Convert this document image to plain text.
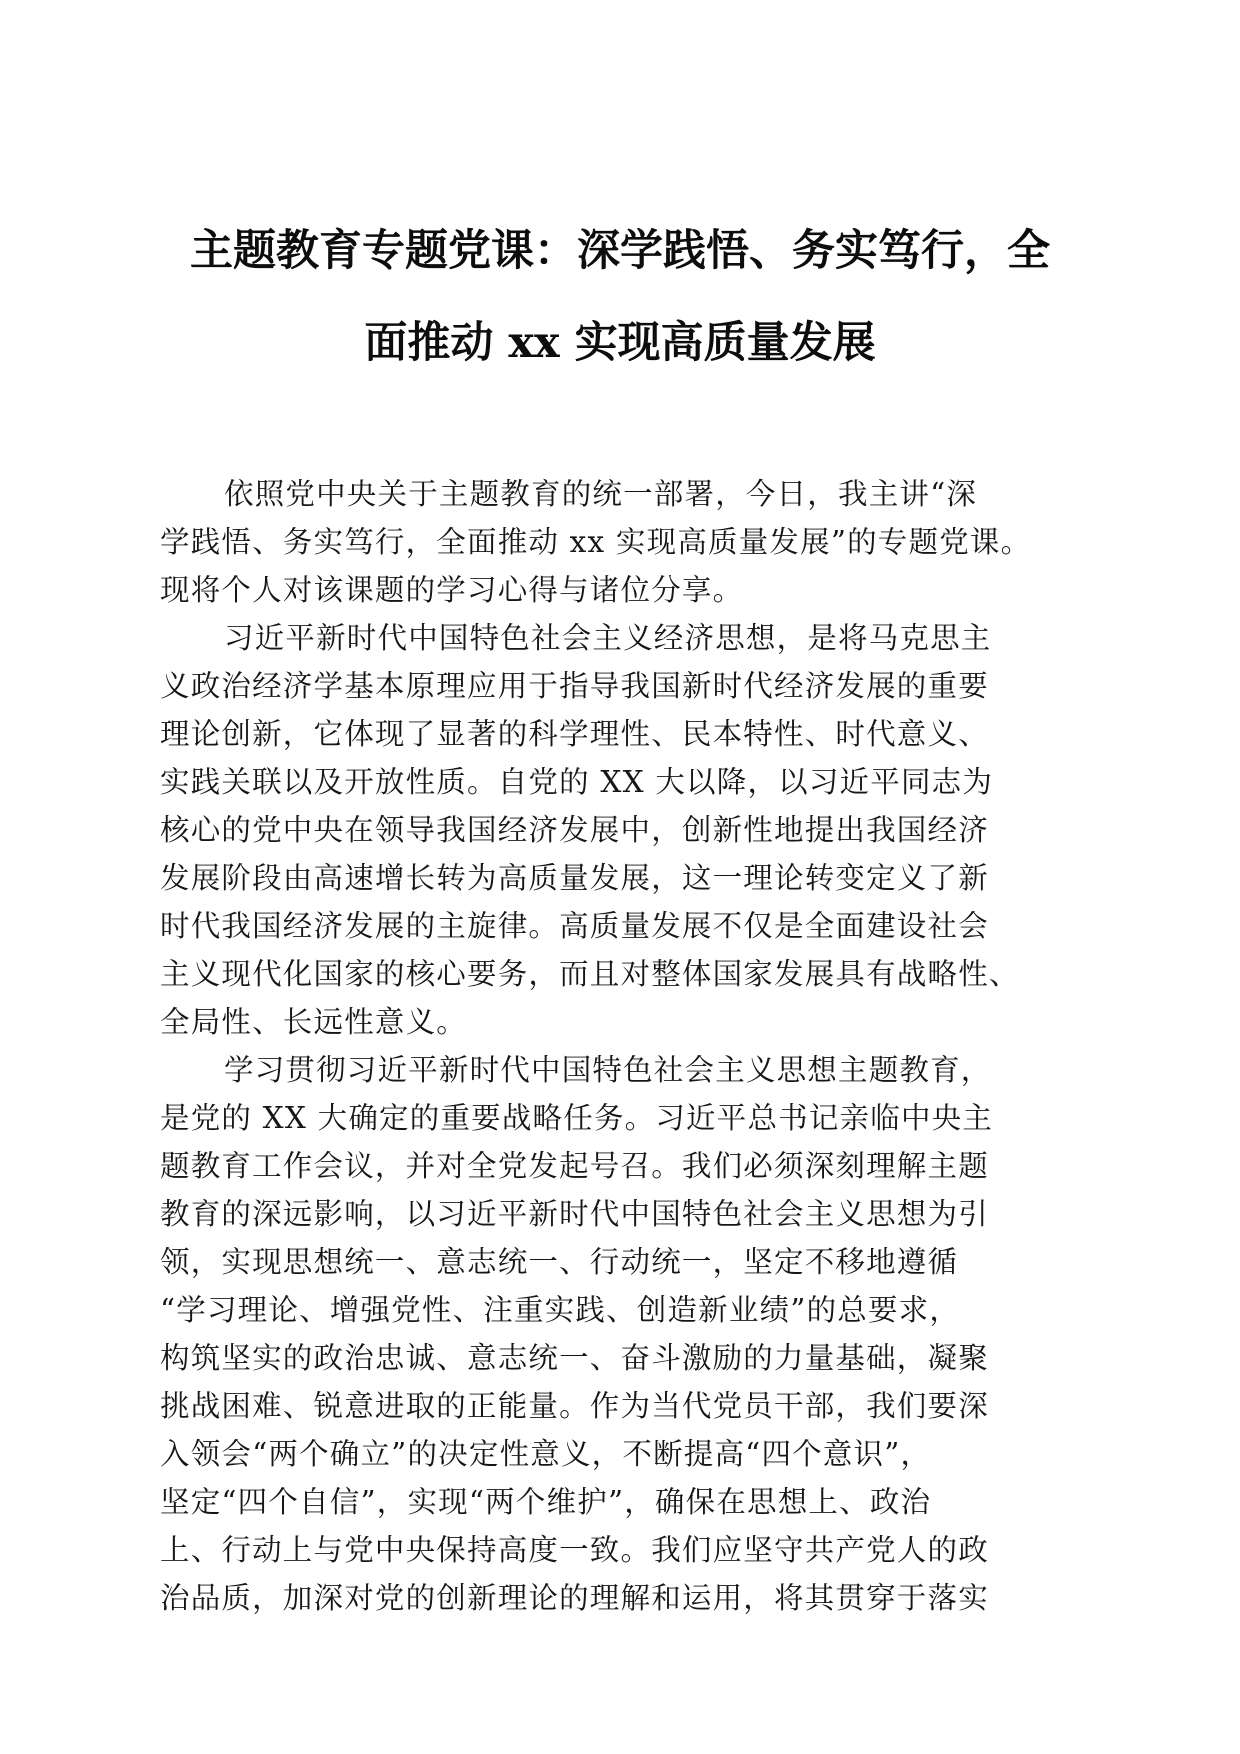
主题教育专题党课：深学践悟、务实笃行，全
面推动 xx 实现高质量发展
依照党中央关于主题教育的统一部署，今日，我主讲“深
学践悟、务实笃行，全面推动 xx 实现高质量发展”的专题党课。
现将个人对该课题的学习心得与诸位分享。
习近平新时代中国特色社会主义经济思想，是将马克思主
义政治经济学基本原理应用于指导我国新时代经济发展的重要
理论创新，它体现了显著的科学理性、民本特性、时代意义、
实践关联以及开放性质。自党的 XX 大以降，以习近平同志为
核心的党中央在领导我国经济发展中，创新性地提出我国经济
发展阶段由高速增长转为高质量发展，这一理论转变定义了新
时代我国经济发展的主旋律。高质量发展不仅是全面建设社会
主义现代化国家的核心要务，而且对整体国家发展具有战略性、
全局性、长远性意义。
学习贯彻习近平新时代中国特色社会主义思想主题教育，
是党的 XX 大确定的重要战略任务。习近平总书记亲临中央主
题教育工作会议，并对全党发起号召。我们必须深刻理解主题
教育的深远影响，以习近平新时代中国特色社会主义思想为引
领，实现思想统一、意志统一、行动统一，坚定不移地遵循
“学习理论、增强党性、注重实践、创造新业绩”的总要求，
构筑坚实的政治忠诚、意志统一、奋斗激励的力量基础，凝聚
挑战困难、锐意进取的正能量。作为当代党员干部，我们要深
入领会“两个确立”的决定性意义，不断提高“四个意识”，
坚定“四个自信”，实现“两个维护”，确保在思想上、政治
上、行动上与党中央保持高度一致。我们应坚守共产党人的政
治品质，加深对党的创新理论的理解和运用，将其贯穿于落实
